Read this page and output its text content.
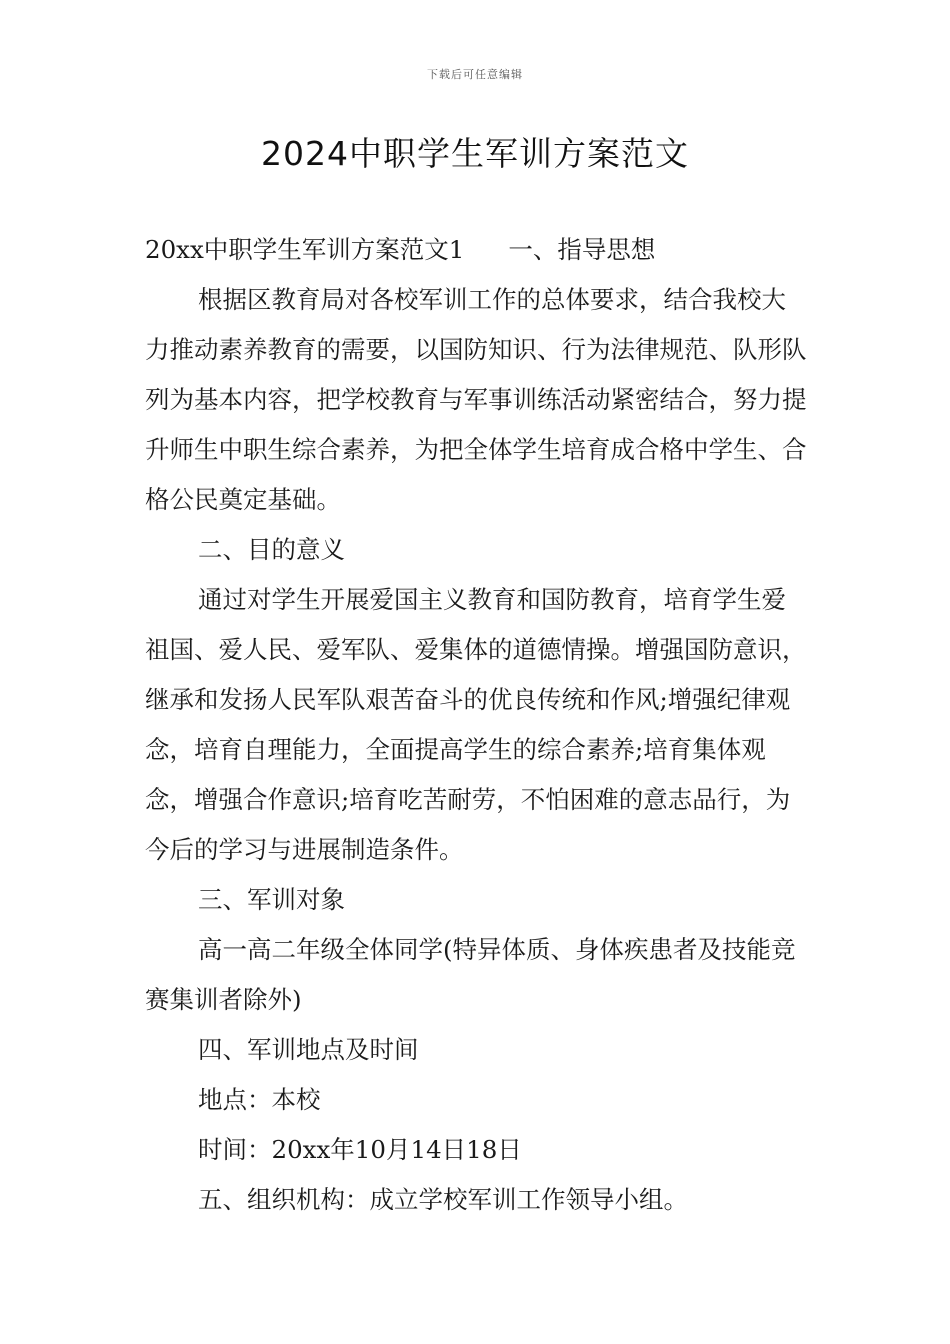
下载后可任意编辑
2024中职学生军训方案范文

20xx中职学生军训方案范文1 一、指导思想

根据区教育局对各校军训工作的总体要求，结合我校大力推动素养教育的需要，以国防知识、行为法律规范、队形队列为基本内容，把学校教育与军事训练活动紧密结合，努力提升师生中职生综合素养，为把全体学生培育成合格中学生、合格公民奠定基础。

二、目的意义

通过对学生开展爱国主义教育和国防教育，培育学生爱祖国、爱人民、爱军队、爱集体的道德情操。增强国防意识，继承和发扬人民军队艰苦奋斗的优良传统和作风;增强纪律观念，培育自理能力，全面提高学生的综合素养;培育集体观念，增强合作意识;培育吃苦耐劳，不怕困难的意志品行，为今后的学习与进展制造条件。

三、军训对象

高一高二年级全体同学(特异体质、身体疾患者及技能竞赛集训者除外)

四、军训地点及时间

地点：本校

时间：20xx年10月14日18日

五、组织机构：成立学校军训工作领导小组。
